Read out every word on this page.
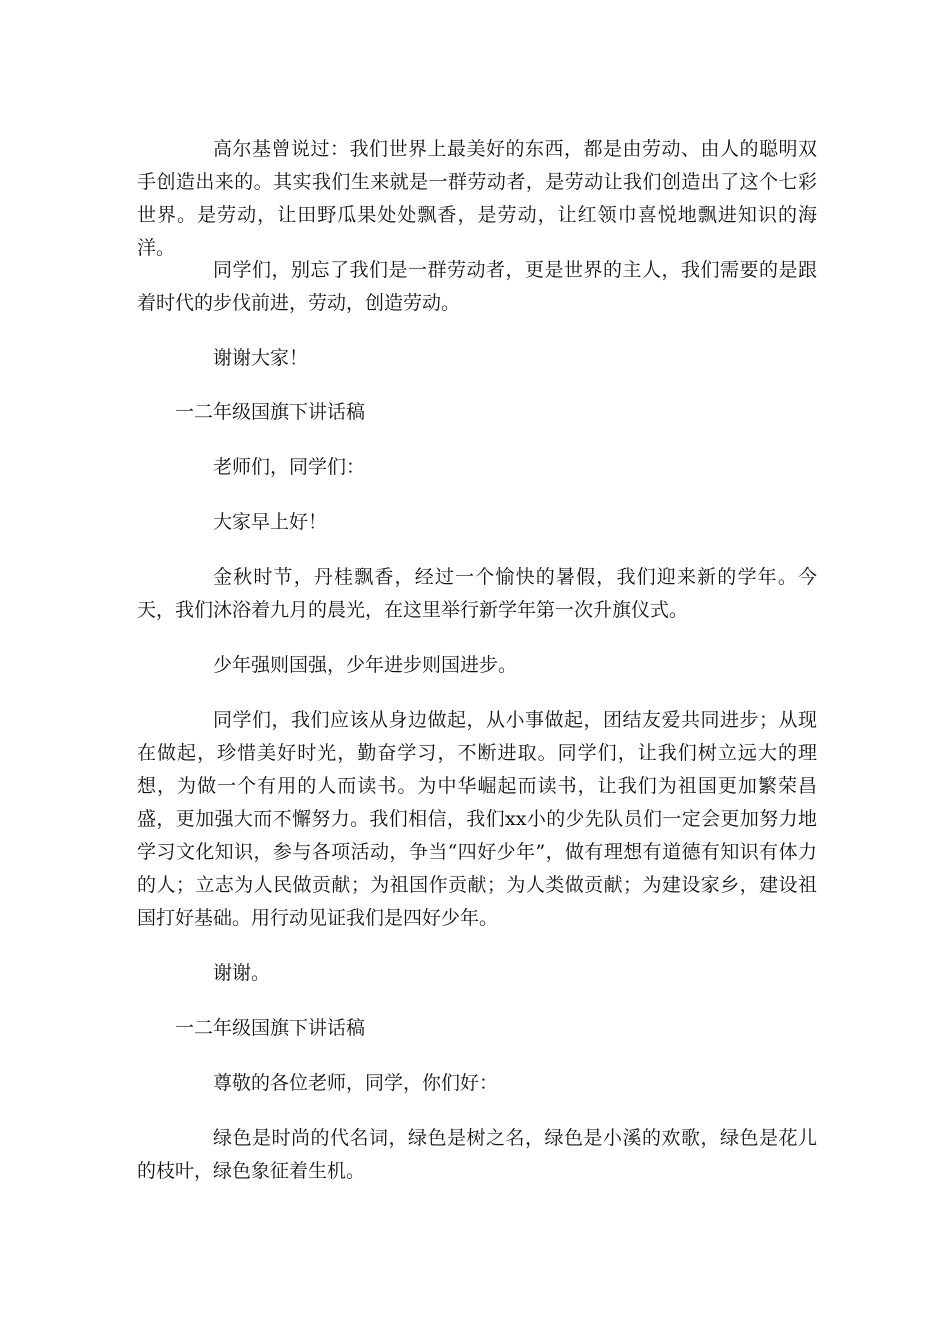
高尔基曾说过：我们世界上最美好的东西，都是由劳动、由人的聪明双手创造出来的。其实我们生来就是一群劳动者，是劳动让我们创造出了这个七彩世界。是劳动，让田野瓜果处处飘香，是劳动，让红领巾喜悦地飘进知识的海洋。

同学们，别忘了我们是一群劳动者，更是世界的主人，我们需要的是跟着时代的步伐前进，劳动，创造劳动。

谢谢大家！

一二年级国旗下讲话稿

老师们，同学们：

大家早上好！

金秋时节，丹桂飘香，经过一个愉快的暑假，我们迎来新的学年。今天，我们沐浴着九月的晨光，在这里举行新学年第一次升旗仪式。

少年强则国强，少年进步则国进步。

同学们，我们应该从身边做起，从小事做起，团结友爱共同进步；从现在做起，珍惜美好时光，勤奋学习，不断进取。同学们，让我们树立远大的理想，为做一个有用的人而读书。为中华崛起而读书，让我们为祖国更加繁荣昌盛，更加强大而不懈努力。我们相信，我们xx小的少先队员们一定会更加努力地学习文化知识，参与各项活动，争当“四好少年”，做有理想有道德有知识有体力的人；立志为人民做贡献；为祖国作贡献；为人类做贡献；为建设家乡，建设祖国打好基础。用行动见证我们是四好少年。

谢谢。

一二年级国旗下讲话稿

尊敬的各位老师，同学，你们好：

绿色是时尚的代名词，绿色是树之名，绿色是小溪的欢歌，绿色是花儿的枝叶，绿色象征着生机。
